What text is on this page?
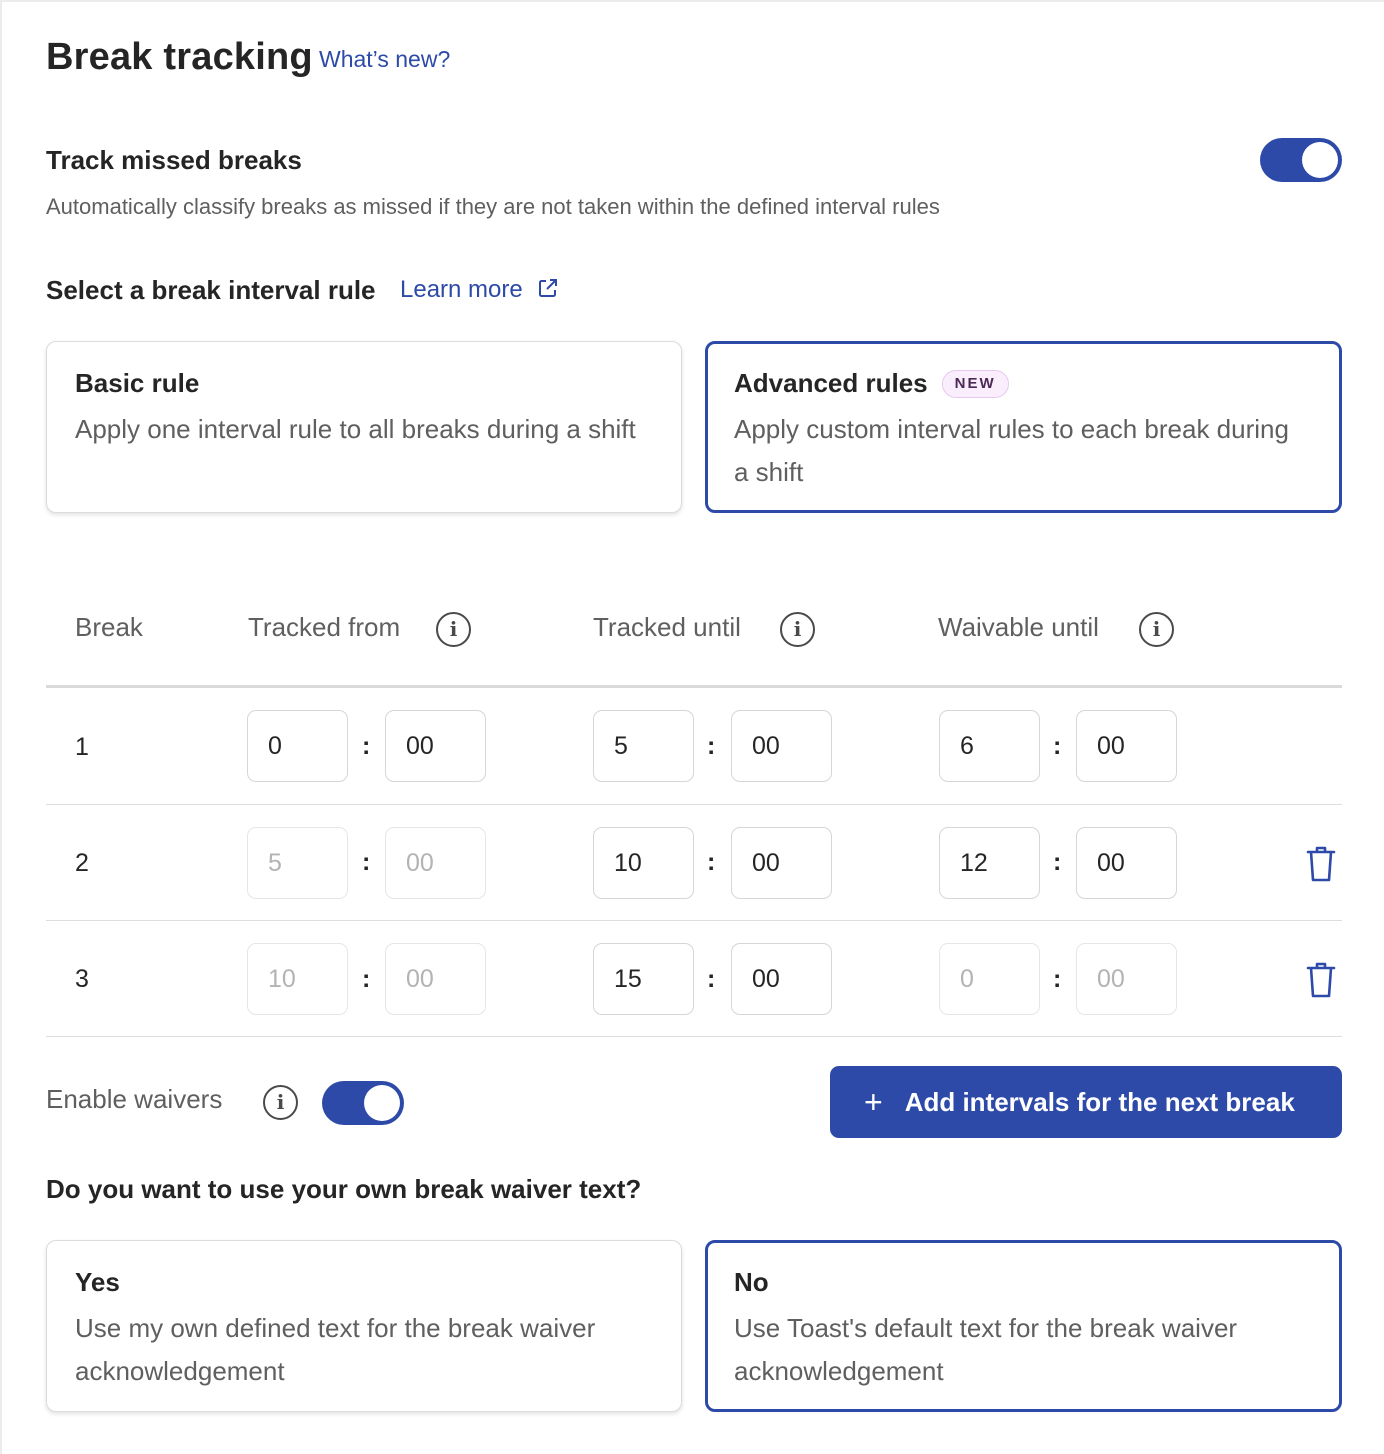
Break tracking What’s new?
Track missed breaks
Automatically classify breaks as missed if they are not taken within the defined interval rules
Select a break interval rule Learn more
Basic rule
Apply one interval rule to all breaks during a shift
Advanced rules NEW
Apply custom interval rules to each break during a shift
Break	Tracked from	i	Tracked until	i	Waivable until	i
1	0	:	00	5	:	00	6	:	00
2	5	:	00	10	:	00	12	:	00
3	10	:	00	15	:	00	0	:	00
Enable waivers	i	+ Add intervals for the next break
Do you want to use your own break waiver text?
Yes
Use my own defined text for the break waiver acknowledgement
No
Use Toast's default text for the break waiver acknowledgement
